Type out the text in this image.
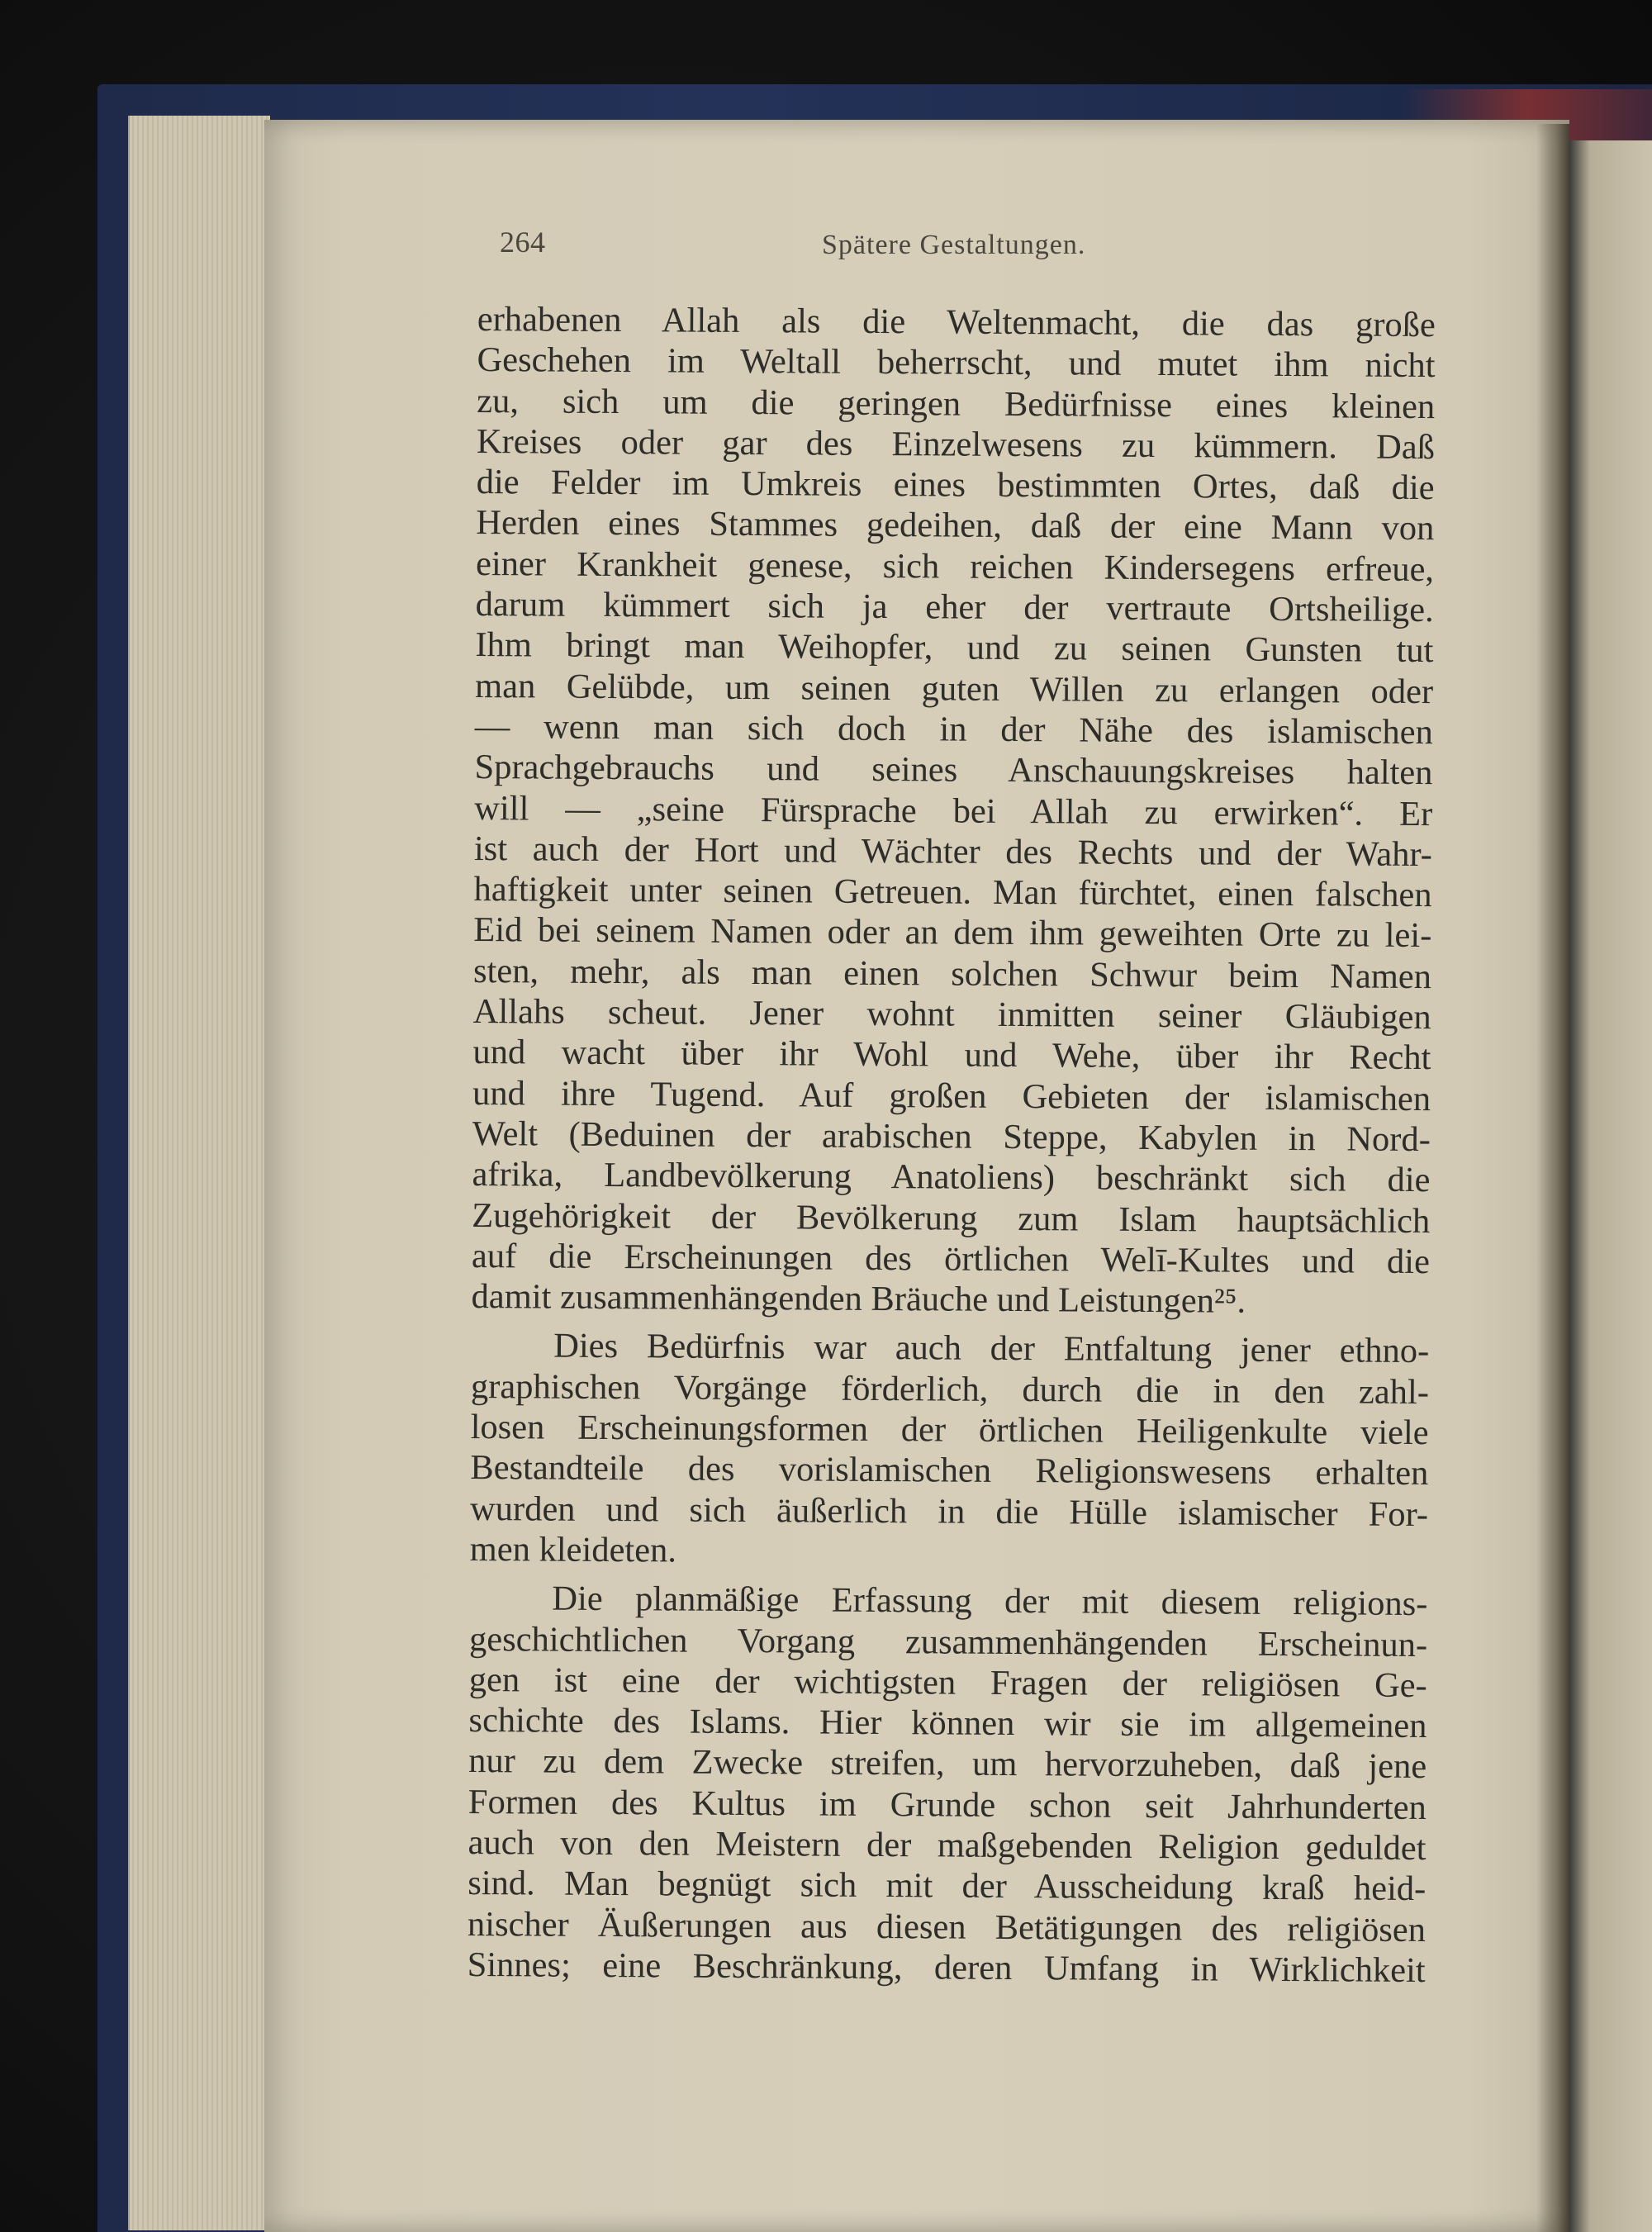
264	Spätere Gestaltungen.
erhabenen Allah als die Weltenmacht, die das große
Geschehen im Weltall beherrscht, und mutet ihm nicht
zu, sich um die geringen Bedürfnisse eines kleinen
Kreises oder gar des Einzelwesens zu kümmern. Daß
die Felder im Umkreis eines bestimmten Ortes, daß die
Herden eines Stammes gedeihen, daß der eine Mann von
einer Krankheit genese, sich reichen Kindersegens erfreue,
darum kümmert sich ja eher der vertraute Ortsheilige.
Ihm bringt man Weihopfer, und zu seinen Gunsten tut
man Gelübde, um seinen guten Willen zu erlangen oder
— wenn man sich doch in der Nähe des islamischen
Sprachgebrauchs und seines Anschauungskreises halten
will — „seine Fürsprache bei Allah zu erwirken“. Er
ist auch der Hort und Wächter des Rechts und der Wahr-
haftigkeit unter seinen Getreuen. Man fürchtet, einen falschen
Eid bei seinem Namen oder an dem ihm geweihten Orte zu lei-
sten, mehr, als man einen solchen Schwur beim Namen
Allahs scheut. Jener wohnt inmitten seiner Gläubigen
und wacht über ihr Wohl und Wehe, über ihr Recht
und ihre Tugend. Auf großen Gebieten der islamischen
Welt (Beduinen der arabischen Steppe, Kabylen in Nord-
afrika, Landbevölkerung Anatoliens) beschränkt sich die
Zugehörigkeit der Bevölkerung zum Islam hauptsächlich
auf die Erscheinungen des örtlichen Welī-Kultes und die
damit zusammenhängenden Bräuche und Leistungen²⁵.
Dies Bedürfnis war auch der Entfaltung jener ethno-
graphischen Vorgänge förderlich, durch die in den zahl-
losen Erscheinungsformen der örtlichen Heiligenkulte viele
Bestandteile des vorislamischen Religionswesens erhalten
wurden und sich äußerlich in die Hülle islamischer For-
men kleideten.
Die planmäßige Erfassung der mit diesem religions-
geschichtlichen Vorgang zusammenhängenden Erscheinun-
gen ist eine der wichtigsten Fragen der religiösen Ge-
schichte des Islams. Hier können wir sie im allgemeinen
nur zu dem Zwecke streifen, um hervorzuheben, daß jene
Formen des Kultus im Grunde schon seit Jahrhunderten
auch von den Meistern der maßgebenden Religion geduldet
sind. Man begnügt sich mit der Ausscheidung kraß heid-
nischer Äußerungen aus diesen Betätigungen des religiösen
Sinnes; eine Beschränkung, deren Umfang in Wirklichkeit
